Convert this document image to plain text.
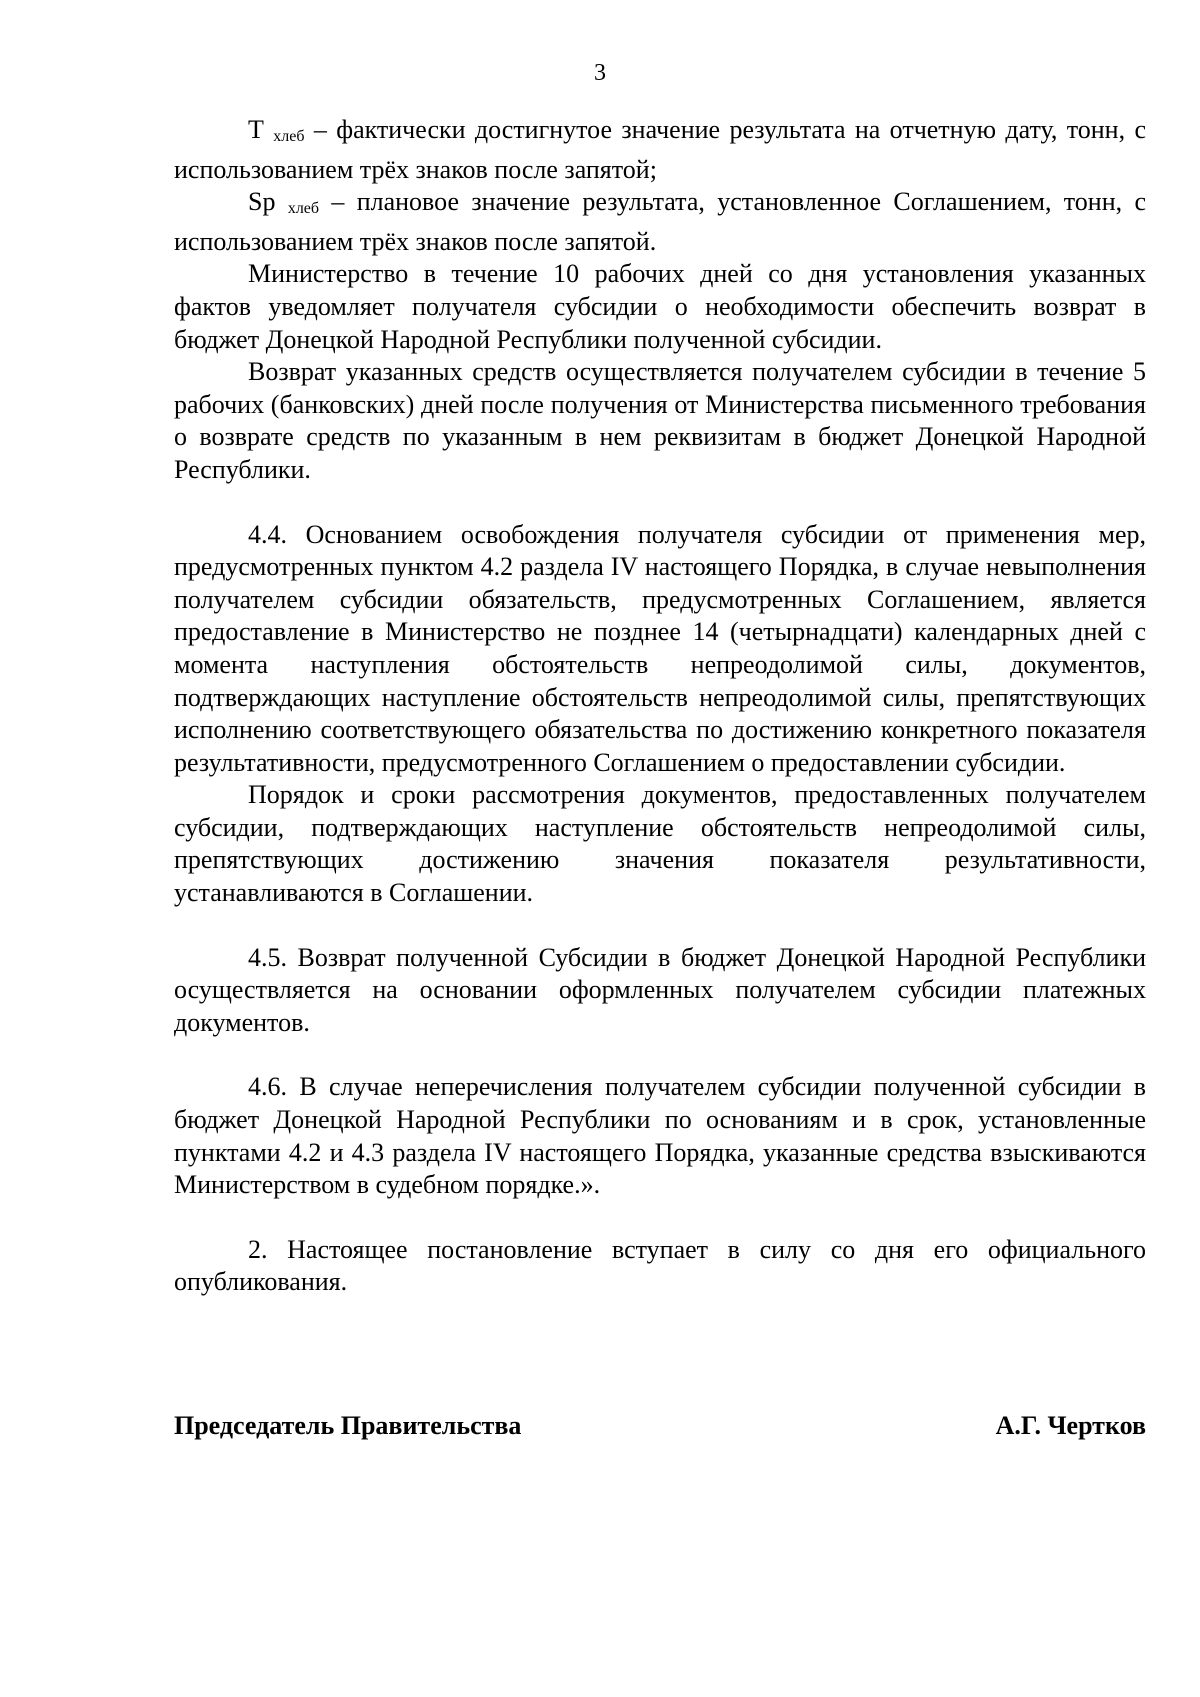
3

Т хлеб – фактически достигнутое значение результата на отчетную дату, тонн, с использованием трёх знаков после запятой;

Sp хлеб – плановое значение результата, установленное Соглашением, тонн, с использованием трёх знаков после запятой.

Министерство в течение 10 рабочих дней со дня установления указанных фактов уведомляет получателя субсидии о необходимости обеспечить возврат в бюджет Донецкой Народной Республики полученной субсидии.

Возврат указанных средств осуществляется получателем субсидии в течение 5 рабочих (банковских) дней после получения от Министерства письменного требования о возврате средств по указанным в нем реквизитам в бюджет Донецкой Народной Республики.

4.4. Основанием освобождения получателя субсидии от применения мер, предусмотренных пунктом 4.2 раздела IV настоящего Порядка, в случае невыполнения получателем субсидии обязательств, предусмотренных Соглашением, является предоставление в Министерство не позднее 14 (четырнадцати) календарных дней с момента наступления обстоятельств непреодолимой силы, документов, подтверждающих наступление обстоятельств непреодолимой силы, препятствующих исполнению соответствующего обязательства по достижению конкретного показателя результативности, предусмотренного Соглашением о предоставлении субсидии.

Порядок и сроки рассмотрения документов, предоставленных получателем субсидии, подтверждающих наступление обстоятельств непреодолимой силы, препятствующих достижению значения показателя результативности, устанавливаются в Соглашении.

4.5. Возврат полученной Субсидии в бюджет Донецкой Народной Республики осуществляется на основании оформленных получателем субсидии платежных документов.

4.6. В случае неперечисления получателем субсидии полученной субсидии в бюджет Донецкой Народной Республики по основаниям и в срок, установленные пунктами 4.2 и 4.3 раздела IV настоящего Порядка, указанные средства взыскиваются Министерством в судебном порядке.».

2. Настоящее постановление вступает в силу со дня его официального опубликования.

Председатель Правительства	А.Г. Чертков
